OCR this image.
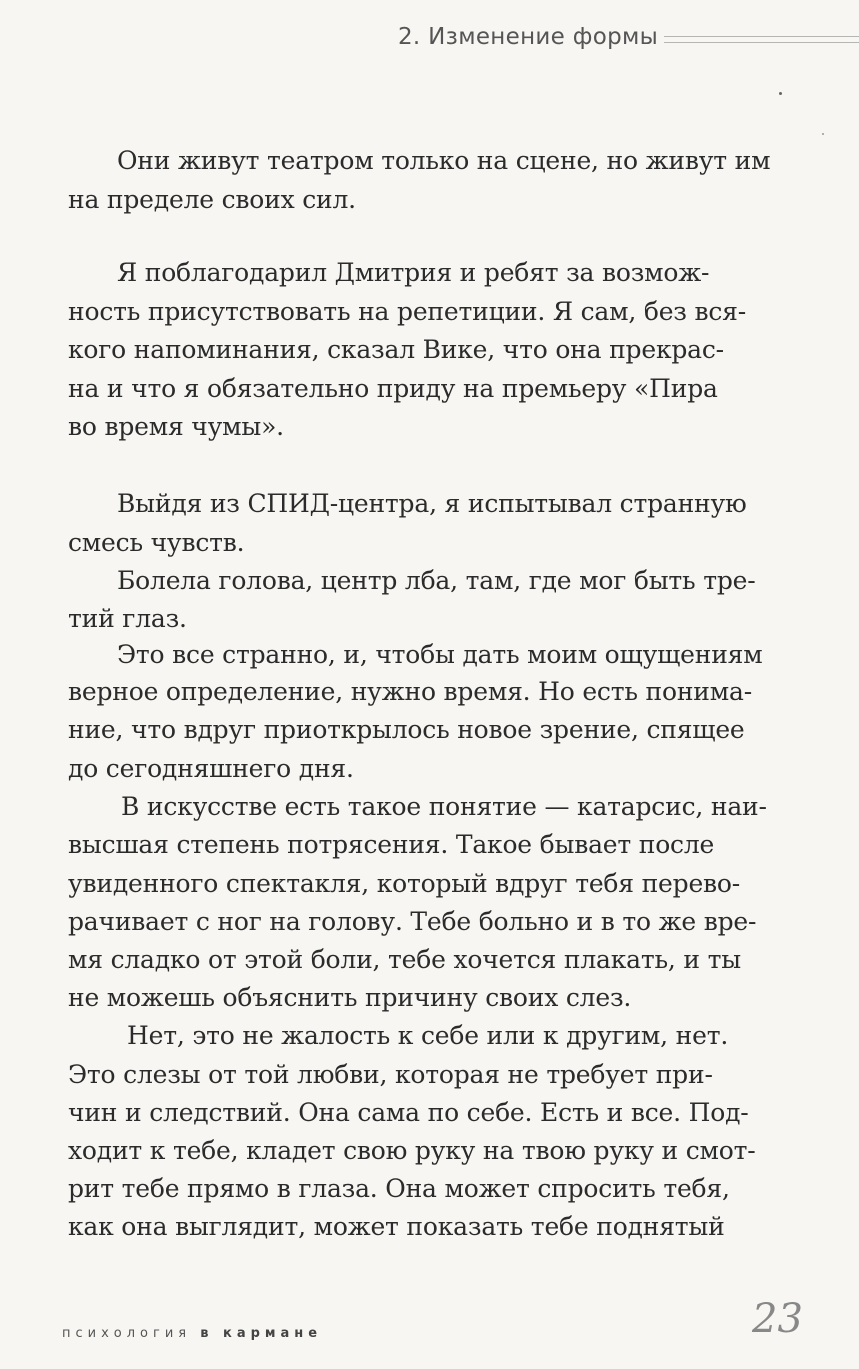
2. Изменение формы
Они живут театром только на сцене, но живут им
на пределе своих сил.
Я поблагодарил Дмитрия и ребят за возмож-
ность присутствовать на репетиции. Я сам, без вся-
кого напоминания, сказал Вике, что она прекрас-
на и что я обязательно приду на премьеру «Пира
во время чумы».
Выйдя из СПИД-центра, я испытывал странную
смесь чувств.
Болела голова, центр лба, там, где мог быть тре-
тий глаз.
Это все странно, и, чтобы дать моим ощущениям
верное определение, нужно время. Но есть понима-
ние, что вдруг приоткрылось новое зрение, спящее
до сегодняшнего дня.
В искусстве есть такое понятие — катарсис, наи-
высшая степень потрясения. Такое бывает после
увиденного спектакля, который вдруг тебя перево-
рачивает с ног на голову. Тебе больно и в то же вре-
мя сладко от этой боли, тебе хочется плакать, и ты
не можешь объяснить причину своих слез.
Нет, это не жалость к себе или к другим, нет.
Это слезы от той любви, которая не требует при-
чин и следствий. Она сама по себе. Есть и все. Под-
ходит к тебе, кладет свою руку на твою руку и смот-
рит тебе прямо в глаза. Она может спросить тебя,
как она выглядит, может показать тебе поднятый
психология в кармане	23
